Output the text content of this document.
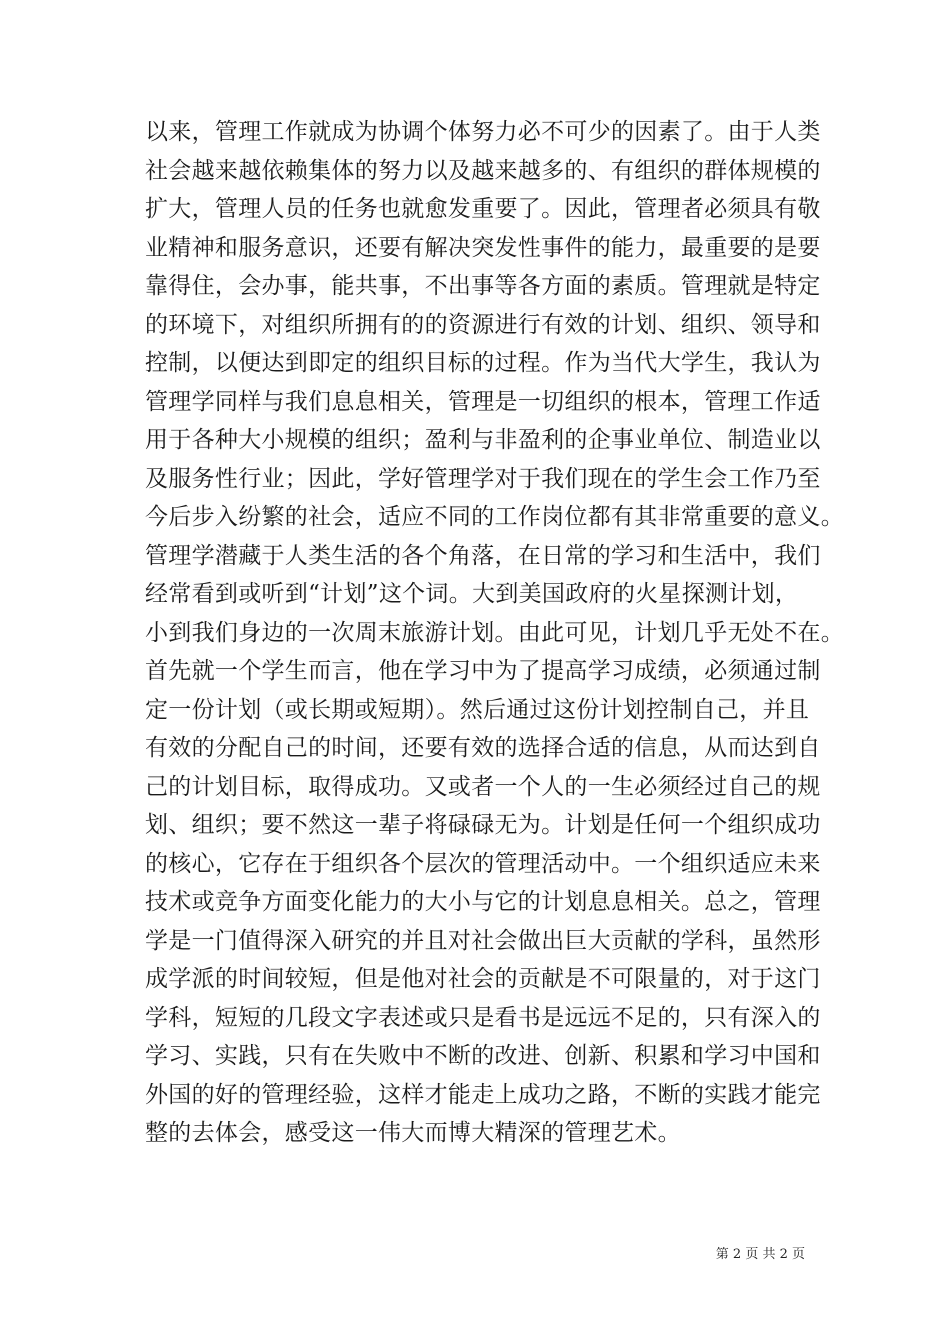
以来，管理工作就成为协调个体努力必不可少的因素了。由于人类
社会越来越依赖集体的努力以及越来越多的、有组织的群体规模的
扩大，管理人员的任务也就愈发重要了。因此，管理者必须具有敬
业精神和服务意识，还要有解决突发性事件的能力，最重要的是要
靠得住，会办事，能共事，不出事等各方面的素质。管理就是特定
的环境下，对组织所拥有的的资源进行有效的计划、组织、领导和
控制，以便达到即定的组织目标的过程。作为当代大学生，我认为
管理学同样与我们息息相关，管理是一切组织的根本，管理工作适
用于各种大小规模的组织；盈利与非盈利的企事业单位、制造业以
及服务性行业；因此，学好管理学对于我们现在的学生会工作乃至
今后步入纷繁的社会，适应不同的工作岗位都有其非常重要的意义。
管理学潜藏于人类生活的各个角落，在日常的学习和生活中，我们
经常看到或听到“计划”这个词。大到美国政府的火星探测计划，
小到我们身边的一次周末旅游计划。由此可见，计划几乎无处不在。
首先就一个学生而言，他在学习中为了提高学习成绩，必须通过制
定一份计划（或长期或短期）。然后通过这份计划控制自己，并且
有效的分配自己的时间，还要有效的选择合适的信息，从而达到自
己的计划目标，取得成功。又或者一个人的一生必须经过自己的规
划、组织；要不然这一辈子将碌碌无为。计划是任何一个组织成功
的核心，它存在于组织各个层次的管理活动中。一个组织适应未来
技术或竞争方面变化能力的大小与它的计划息息相关。总之，管理
学是一门值得深入研究的并且对社会做出巨大贡献的学科，虽然形
成学派的时间较短，但是他对社会的贡献是不可限量的，对于这门
学科，短短的几段文字表述或只是看书是远远不足的，只有深入的
学习、实践，只有在失败中不断的改进、创新、积累和学习中国和
外国的好的管理经验，这样才能走上成功之路，不断的实践才能完
整的去体会，感受这一伟大而博大精深的管理艺术。
第 2 页 共 2 页
